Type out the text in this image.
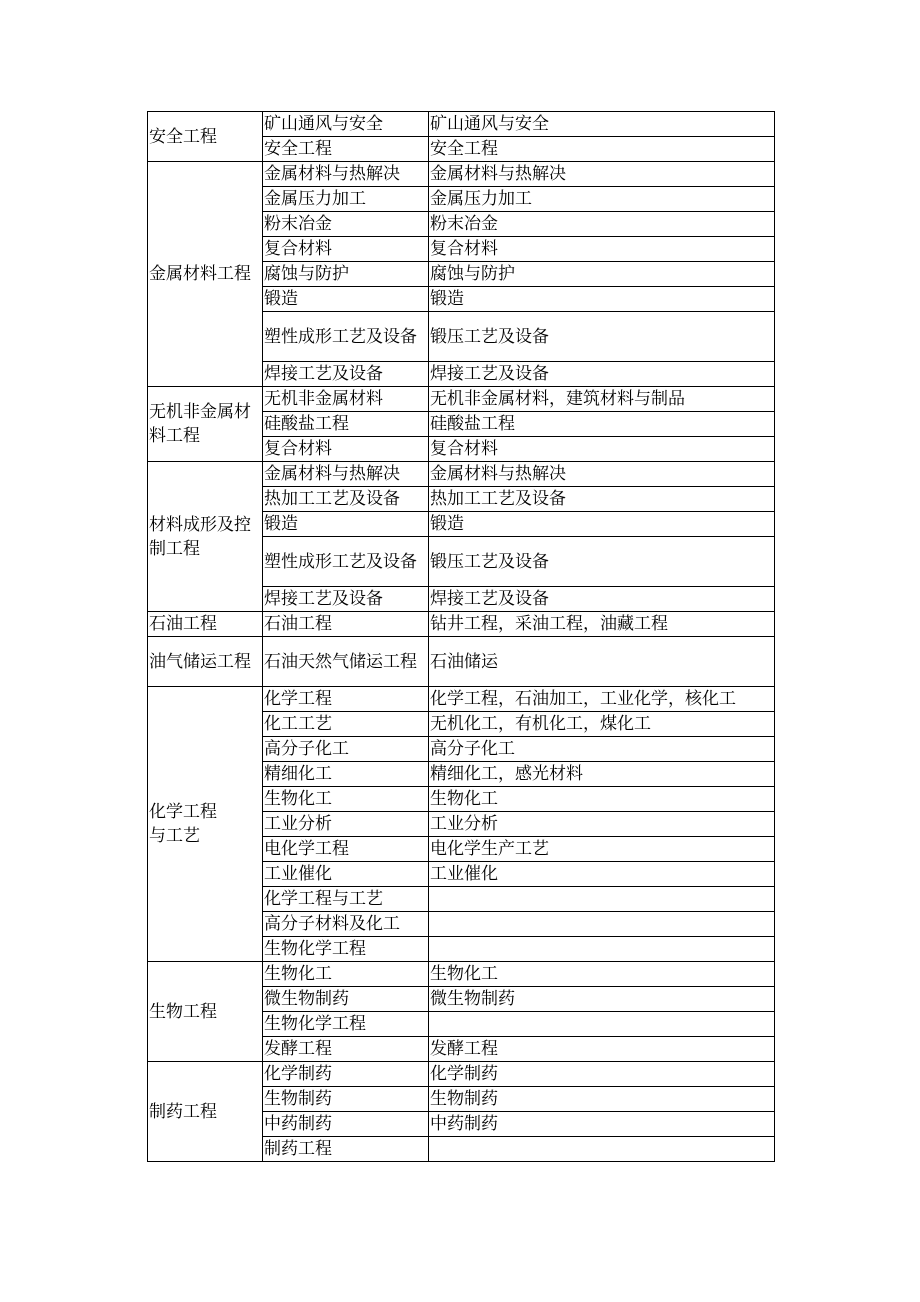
安全工程	矿山通风与安全	矿山通风与安全
	安全工程	安全工程
金属材料工程	金属材料与热解决	金属材料与热解决
	金属压力加工	金属压力加工
	粉末冶金	粉末冶金
	复合材料	复合材料
	腐蚀与防护	腐蚀与防护
	锻造	锻造
	塑性成形工艺及设备	锻压工艺及设备
	焊接工艺及设备	焊接工艺及设备
无机非金属材料工程	无机非金属材料	无机非金属材料，建筑材料与制品
	硅酸盐工程	硅酸盐工程
	复合材料	复合材料
材料成形及控制工程	金属材料与热解决	金属材料与热解决
	热加工工艺及设备	热加工工艺及设备
	锻造	锻造
	塑性成形工艺及设备	锻压工艺及设备
	焊接工艺及设备	焊接工艺及设备
石油工程	石油工程	钻井工程，采油工程，油藏工程
油气储运工程	石油天然气储运工程	石油储运
化学工程与工艺	化学工程	化学工程，石油加工，工业化学，核化工
	化工工艺	无机化工，有机化工，煤化工
	高分子化工	高分子化工
	精细化工	精细化工，感光材料
	生物化工	生物化工
	工业分析	工业分析
	电化学工程	电化学生产工艺
	工业催化	工业催化
	化学工程与工艺	
	高分子材料及化工	
	生物化学工程	
生物工程	生物化工	生物化工
	微生物制药	微生物制药
	生物化学工程	
	发酵工程	发酵工程
制药工程	化学制药	化学制药
	生物制药	生物制药
	中药制药	中药制药
	制药工程	
